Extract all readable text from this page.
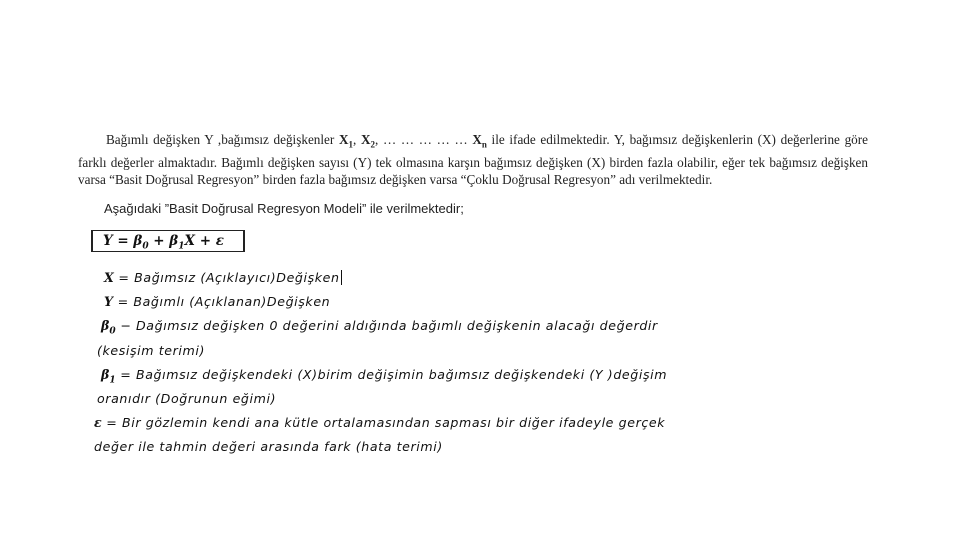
Bağımlı değişken Y ,bağımsız değişkenler $X_1$, $X_2$, … … … … … $X_n$ ile ifade edilmektedir. Y, bağımsız değişkenlerin (X) değerlerine göre farklı değerler almaktadır. Bağımlı değişken sayısı (Y) tek olmasına karşın bağımsız değişken (X) birden fazla olabilir, eğer tek bağımsız değişken varsa “Basit Doğrusal Regresyon” birden fazla bağımsız değişken varsa “Çoklu Doğrusal Regresyon” adı verilmektedir.

Aşağıdaki ”Basit Doğrusal Regresyon Modeli” ile verilmektedir;
$Y = \beta_0 + \beta_1X + \varepsilon$
X = Bağımsız (Açıklayıcı)Değişken
Y = Bağımlı (Açıklanan)Değişken
$\beta_0$ − Dağımsız değişken 0 değerini aldığında bağımlı değişkenin alacağı değerdir
(kesişim terimi)
$\beta_1$ = Bağımsız değişkendeki (X)birim değişimin bağımsız değişkendeki (Y )değişim
oranıdır (Doğrunun eğimi)
ε = Bir gözlemin kendi ana kütle ortalamasından sapması bir diğer ifadeyle gerçek
değer ile tahmin değeri arasında fark (hata terimi)
